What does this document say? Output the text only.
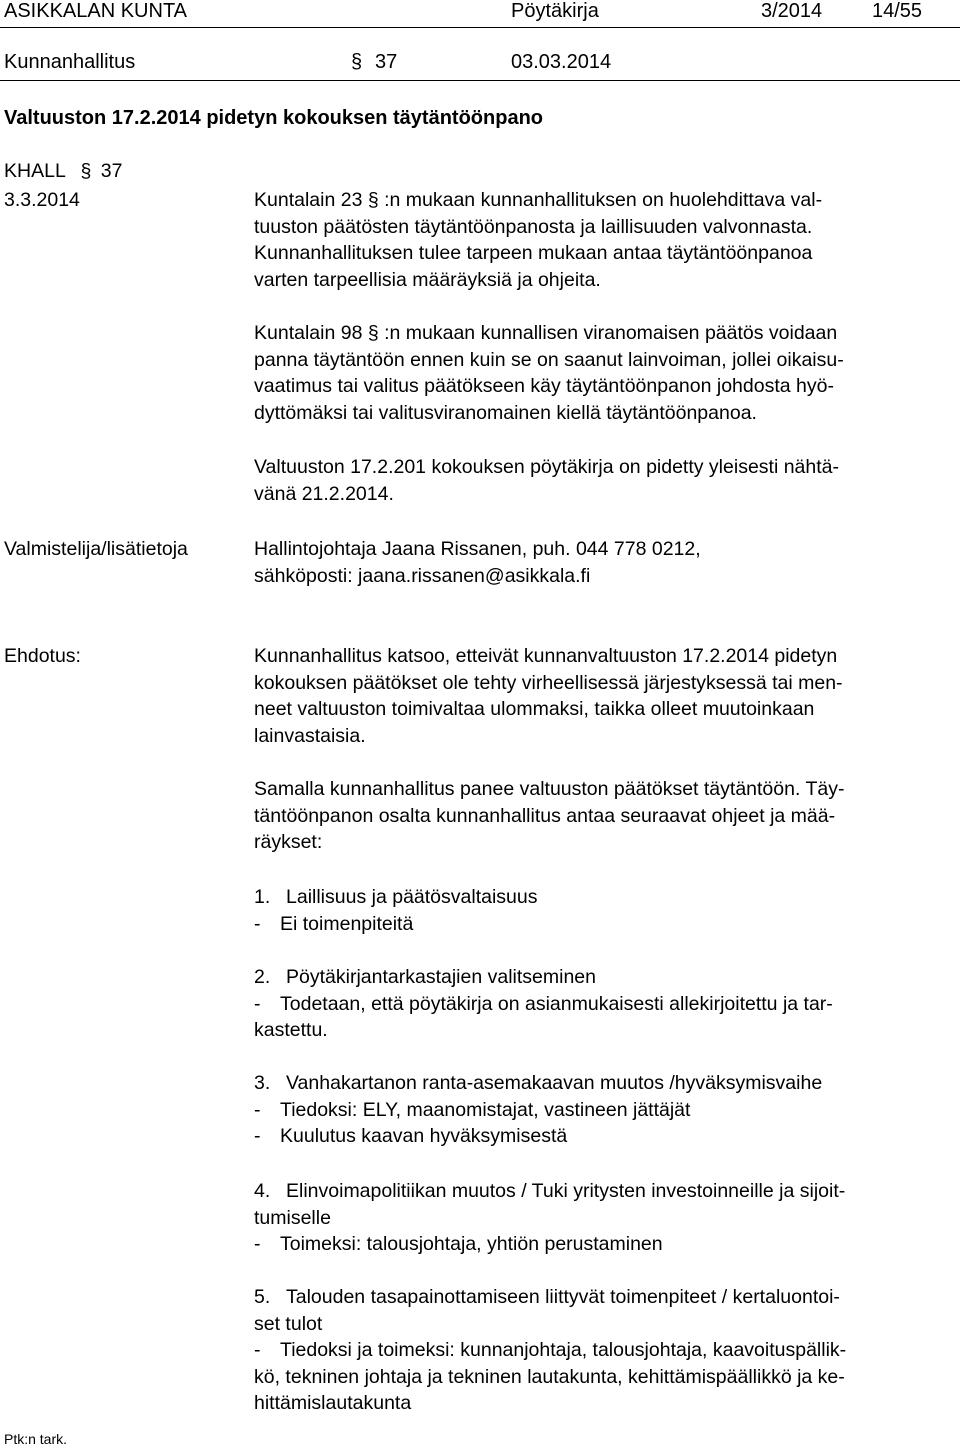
ASIKKALAN KUNTA	Pöytäkirja	3/2014 14/55
Kunnanhallitus	§ 37	03.03.2014
Valtuuston 17.2.2014 pidetyn kokouksen täytäntöönpano
KHALL § 37
3.3.2014	Kuntalain 23 § :n mukaan kunnanhallituksen on huolehdittava val-
tuuston päätösten täytäntöönpanosta ja laillisuuden valvonnasta.
Kunnanhallituksen tulee tarpeen mukaan antaa täytäntöönpanoa
varten tarpeellisia määräyksiä ja ohjeita.
Kuntalain 98 § :n mukaan kunnallisen viranomaisen päätös voidaan
panna täytäntöön ennen kuin se on saanut lainvoiman, jollei oikaisu-
vaatimus tai valitus päätökseen käy täytäntöönpanon johdosta hyö-
dyttömäksi tai valitusviranomainen kiellä täytäntöönpanoa.
Valtuuston 17.2.201 kokouksen pöytäkirja on pidetty yleisesti nähtä-
vänä 21.2.2014.
Valmistelija/lisätietoja	Hallintojohtaja Jaana Rissanen, puh. 044 778 0212,
sähköposti: jaana.rissanen@asikkala.fi
Ehdotus:	Kunnanhallitus katsoo, etteivät kunnanvaltuuston 17.2.2014 pidetyn
kokouksen päätökset ole tehty virheellisessä järjestyksessä tai men-
neet valtuuston toimivaltaa ulommaksi, taikka olleet muutoinkaan
lainvastaisia.
Samalla kunnanhallitus panee valtuuston päätökset täytäntöön. Täy-
täntöönpanon osalta kunnanhallitus antaa seuraavat ohjeet ja mää-
räykset:
1. Laillisuus ja päätösvaltaisuus
- Ei toimenpiteitä
2. Pöytäkirjantarkastajien valitseminen
- Todetaan, että pöytäkirja on asianmukaisesti allekirjoitettu ja tar-
kastettu.
3. Vanhakartanon ranta-asemakaavan muutos /hyväksymisvaihe
- Tiedoksi: ELY, maanomistajat, vastineen jättäjät
- Kuulutus kaavan hyväksymisestä
4. Elinvoimapolitiikan muutos / Tuki yritysten investoinneille ja sijoit-
tumiselle
- Toimeksi: talousjohtaja, yhtiön perustaminen
5. Talouden tasapainottamiseen liittyvät toimenpiteet / kertaluontoi-
set tulot
- Tiedoksi ja toimeksi: kunnanjohtaja, talousjohtaja, kaavoituspällik-
kö, tekninen johtaja ja tekninen lautakunta, kehittämispäällikkö ja ke-
hittämislautakunta
Ptk:n tark.
